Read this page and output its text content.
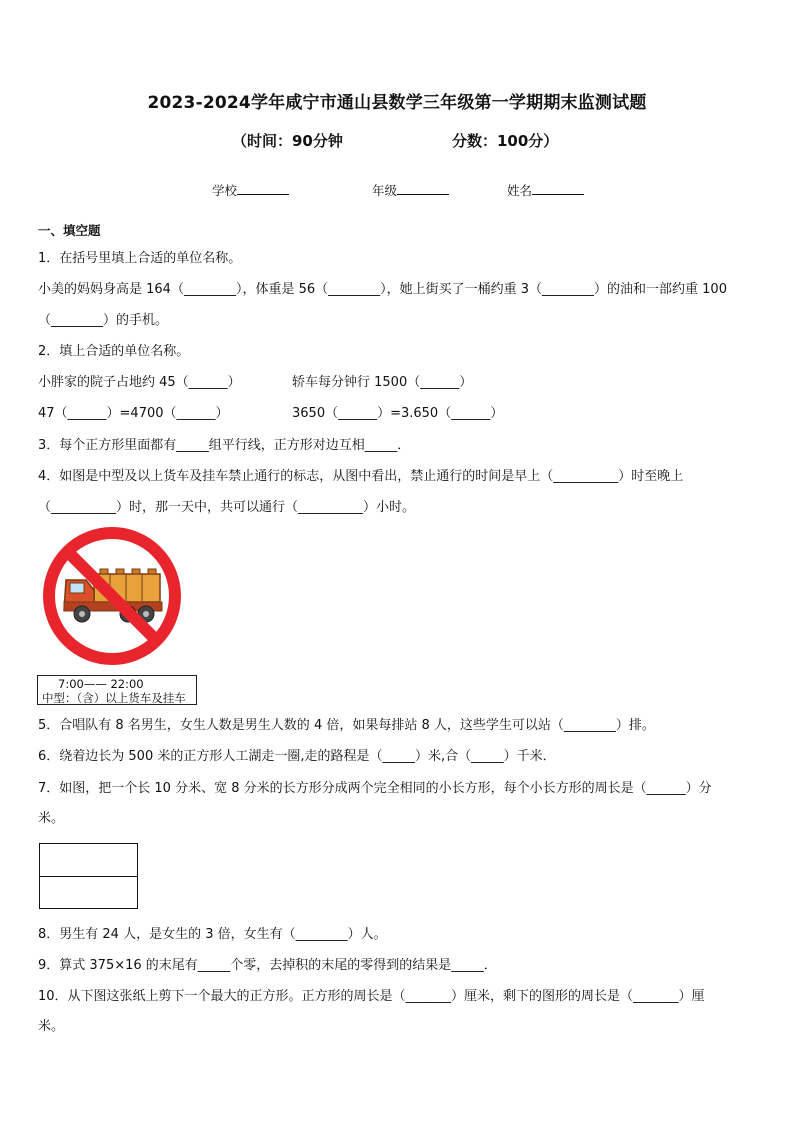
2023-2024学年咸宁市通山县数学三年级第一学期期末监测试题
（时间：90分钟	分数：100分）
学校	年级	姓名
一、填空题
1．在括号里填上合适的单位名称。
小美的妈妈身高是 164（________），体重是 56（________），她上街买了一桶约重 3（________）的油和一部约重 100
（________）的手机。
2．填上合适的单位名称。
小胖家的院子占地约 45（______）	轿车每分钟行 1500（______）
47（______）=4700（______）	3650（______）=3.650（______）
3．每个正方形里面都有_____组平行线，正方形对边互相_____．
4．如图是中型及以上货车及挂车禁止通行的标志，从图中看出，禁止通行的时间是早上（__________）时至晚上
（__________）时，那一天中，共可以通行（__________）小时。
7:00—— 22:00
中型：（含）以上货车及挂车
5．合唱队有 8 名男生，女生人数是男生人数的 4 倍，如果每排站 8 人，这些学生可以站（________）排。
6．绕着边长为 500 米的正方形人工湖走一圈,走的路程是（_____）米,合（_____）千米．
7．如图，把一个长 10 分米、宽 8 分米的长方形分成两个完全相同的小长方形，每个小长方形的周长是（______）分
米。
8．男生有 24 人，是女生的 3 倍，女生有（________）人。
9．算式 375×16 的末尾有_____个零，去掉积的末尾的零得到的结果是_____．
10．从下图这张纸上剪下一个最大的正方形。正方形的周长是（_______）厘米，剩下的图形的周长是（_______）厘
米。
